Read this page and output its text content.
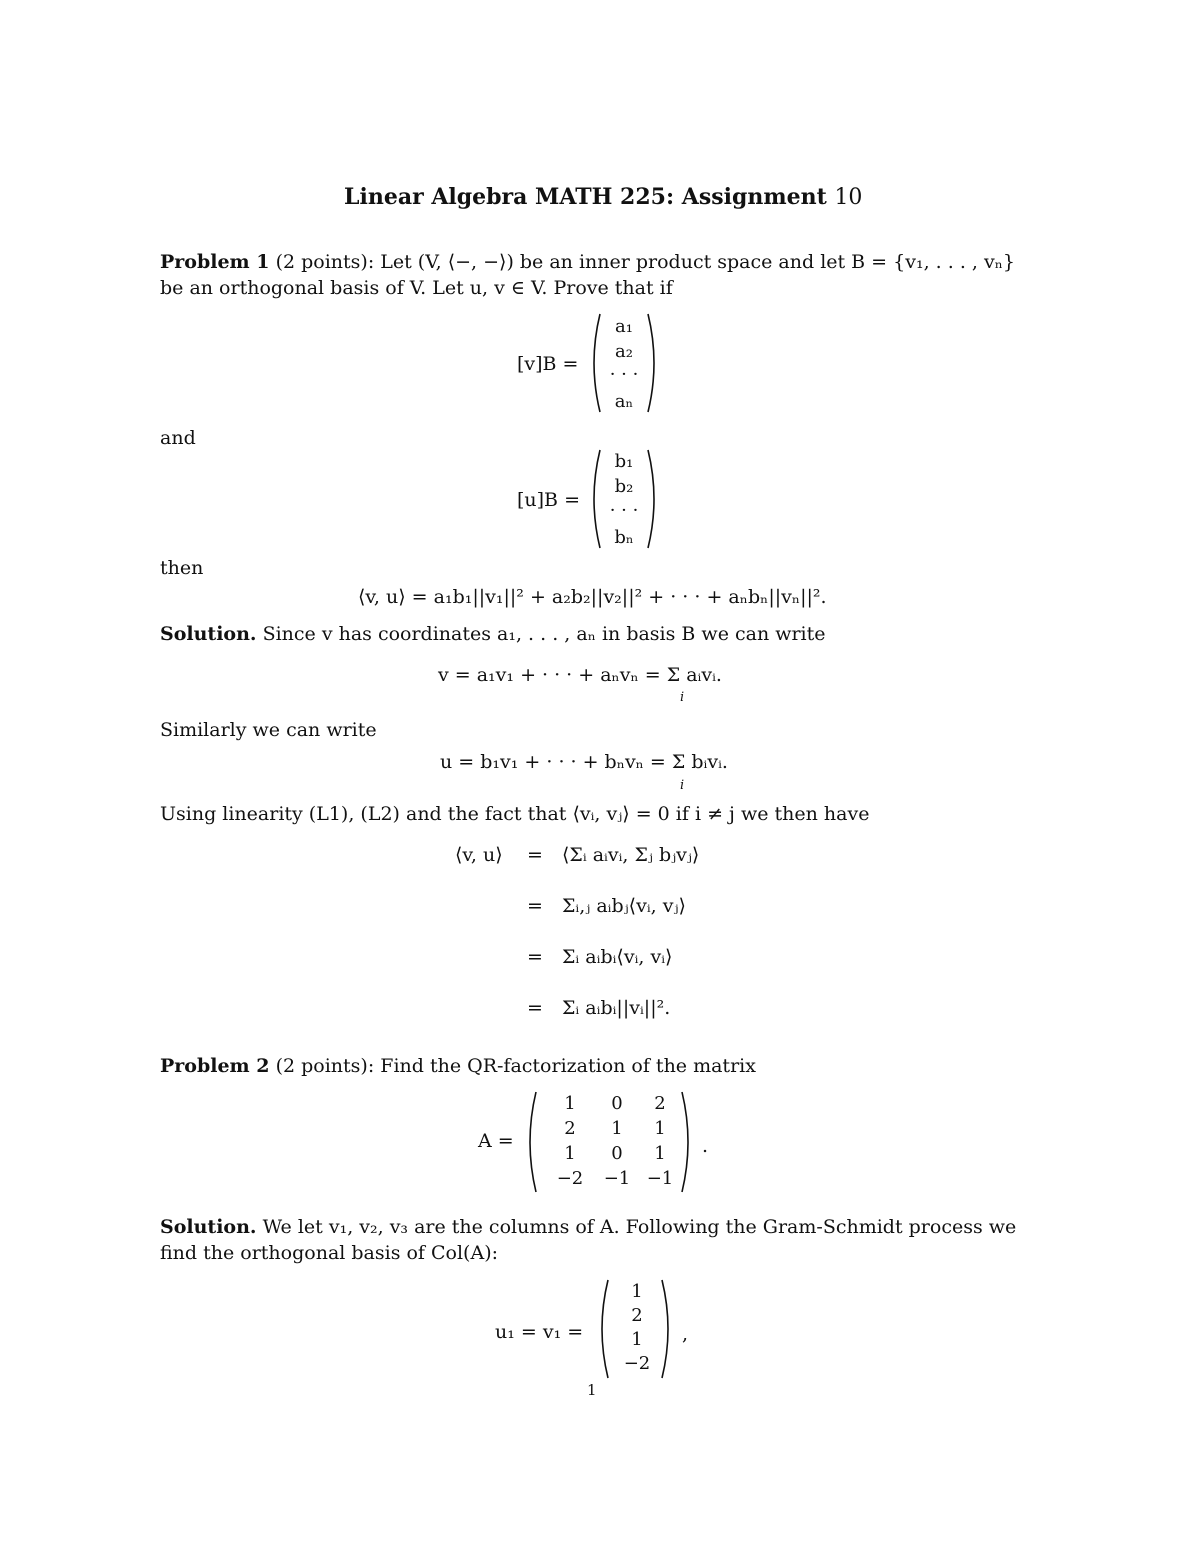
Linear Algebra MATH 225: Assignment 10
Problem 1 (2 points): Let (V, ⟨−, −⟩) be an inner product space and let B = {v₁, . . . , vₙ}
be an orthogonal basis of V. Let u, v ∈ V. Prove that if
[v]B =
a₁
a₂
· · ·
aₙ
and
[u]B =
b₁
b₂
· · ·
bₙ
then
⟨v, u⟩ = a₁b₁||v₁||² + a₂b₂||v₂||² + · · · + aₙbₙ||vₙ||².
Solution. Since v has coordinates a₁, . . . , aₙ in basis B we can write
v = a₁v₁ + · · · + aₙvₙ = Σ aᵢvᵢ.
i
Similarly we can write
u = b₁v₁ + · · · + bₙvₙ = Σ bᵢvᵢ.
i
Using linearity (L1), (L2) and the fact that ⟨vᵢ, vⱼ⟩ = 0 if i ≠ j we then have
⟨v, u⟩ = ⟨Σᵢ aᵢvᵢ, Σⱼ bⱼvⱼ⟩
= Σᵢ,ⱼ aᵢbⱼ⟨vᵢ, vⱼ⟩
= Σᵢ aᵢbᵢ⟨vᵢ, vᵢ⟩
= Σᵢ aᵢbᵢ||vᵢ||².
Problem 2 (2 points): Find the QR-factorization of the matrix
A =
1	0	2
2	1	1
1	0	1
−2	−1 −1
.
Solution. We let v₁, v₂, v₃ are the columns of A. Following the Gram-Schmidt process we
find the orthogonal basis of Col(A):
u₁ = v₁ =
1
2
1
−2
,
1
